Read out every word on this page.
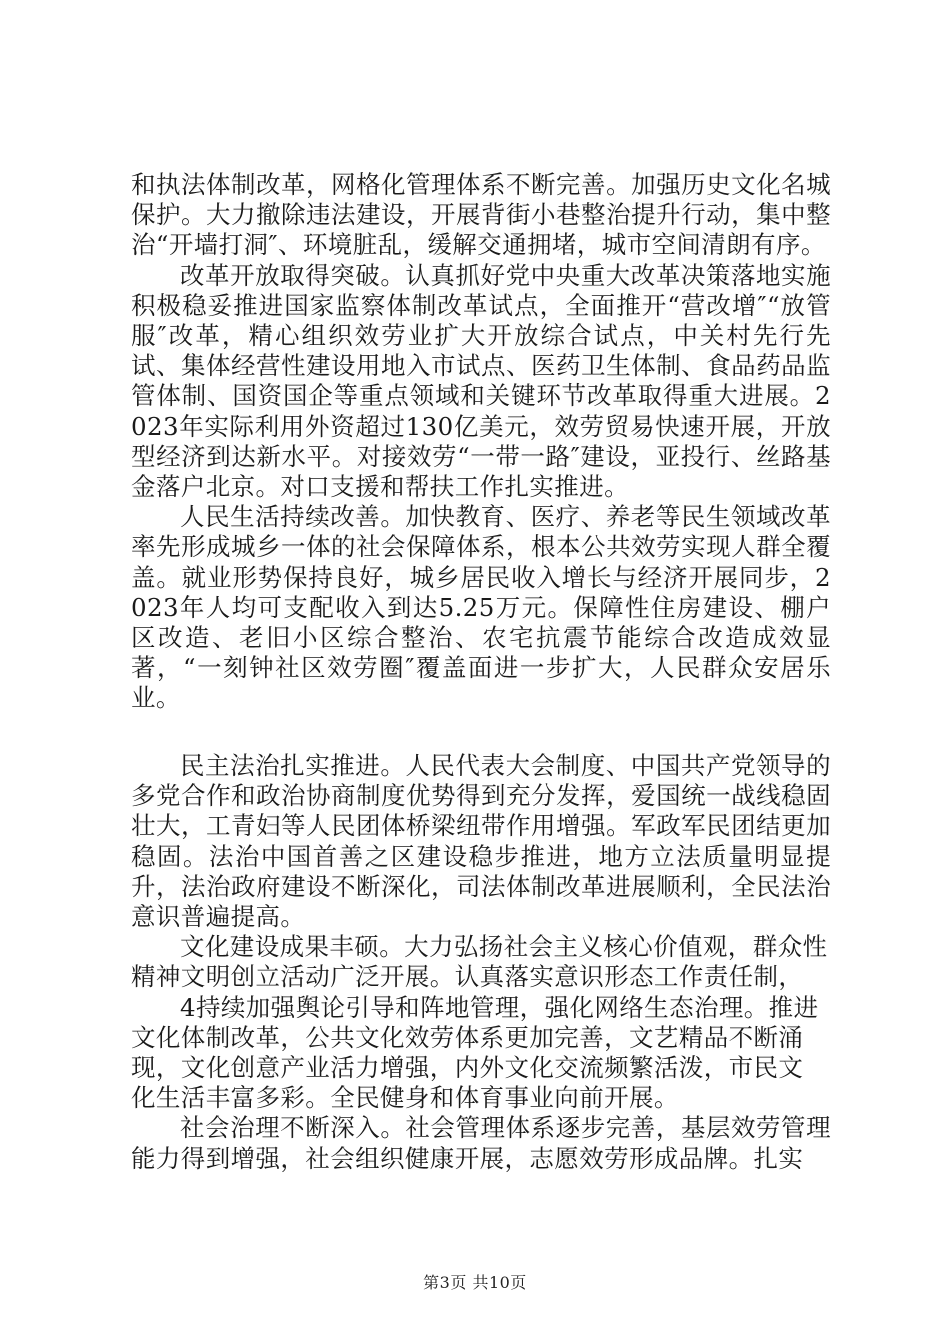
和执法体制改革，网格化管理体系不断完善。加强历史文化名城保护。大力撤除违法建设，开展背街小巷整治提升行动，集中整治“开墙打洞″、环境脏乱，缓解交通拥堵，城市空间清朗有序。

改革开放取得突破。认真抓好党中央重大改革决策落地实施积极稳妥推进国家监察体制改革试点，全面推开“营改增″“放管服″改革，精心组织效劳业扩大开放综合试点，中关村先行先试、集体经营性建设用地入市试点、医药卫生体制、食品药品监管体制、国资国企等重点领域和关键环节改革取得重大进展。2023年实际利用外资超过130亿美元，效劳贸易快速开展，开放型经济到达新水平。对接效劳“一带一路″建设，亚投行、丝路基金落户北京。对口支援和帮扶工作扎实推进。

人民生活持续改善。加快教育、医疗、养老等民生领域改革率先形成城乡一体的社会保障体系，根本公共效劳实现人群全覆盖。就业形势保持良好，城乡居民收入增长与经济开展同步，2023年人均可支配收入到达5.25万元。保障性住房建设、棚户区改造、老旧小区综合整治、农宅抗震节能综合改造成效显著，“一刻钟社区效劳圈″覆盖面进一步扩大，人民群众安居乐业。

民主法治扎实推进。人民代表大会制度、中国共产党领导的多党合作和政治协商制度优势得到充分发挥，爱国统一战线稳固壮大，工青妇等人民团体桥梁纽带作用增强。军政军民团结更加稳固。法治中国首善之区建设稳步推进，地方立法质量明显提升，法治政府建设不断深化，司法体制改革进展顺利，全民法治意识普遍提高。

文化建设成果丰硕。大力弘扬社会主义核心价值观，群众性

精神文明创立活动广泛开展。认真落实意识形态工作责任制，

4持续加强舆论引导和阵地管理，强化网络生态治理。推进

文化体制改革，公共文化效劳体系更加完善，文艺精品不断涌

现，文化创意产业活力增强，内外文化交流频繁活泼，市民文

化生活丰富多彩。全民健身和体育事业向前开展。

社会治理不断深入。社会管理体系逐步完善，基层效劳管理能力得到增强，社会组织健康开展，志愿效劳形成品牌。扎实

第3页 共10页
